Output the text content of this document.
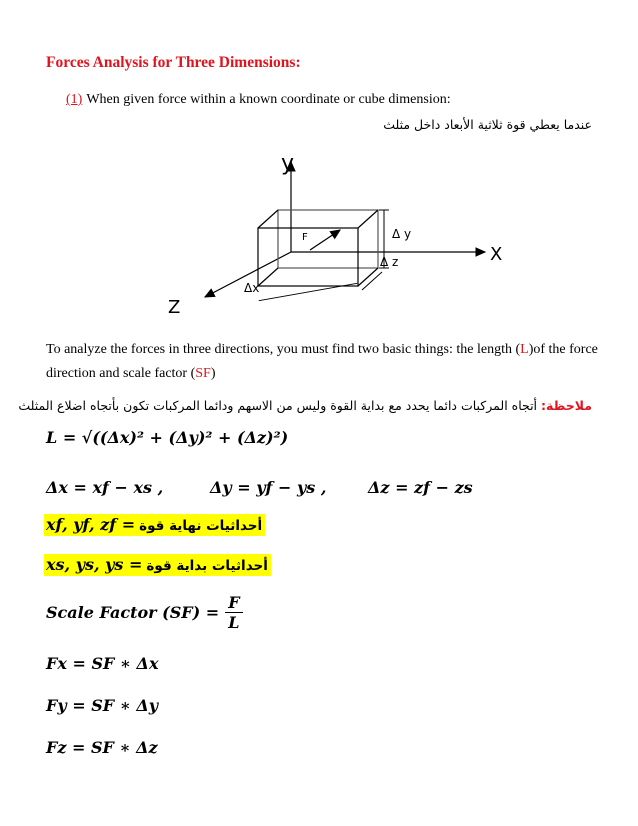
Forces Analysis for Three Dimensions:
(1) When given force within a known coordinate or cube dimension:
عندما يعطي قوة ثلاثية الأبعاد داخل مثلث
y
X
Z
F	Δ y
Δ z
Δx
To analyze the forces in three directions, you must find two basic things: the length (L)of the force direction and scale factor (SF)
ملاحظة: أتجاه المركبات دائما يحدد مع بداية القوة وليس من الاسهم ودائما المركبات تكون بأتجاه اضلاع المثلث
L = √((Δx)² + (Δy)² + (Δz)²)
Δx = xf − xs ,	Δy = yf − ys ,	Δz = zf − zs
xf, yf, zf = أحداثيات نهاية قوة
xs, ys, ys = أحداثيات بداية قوة
Scale Factor $(SF) = \frac{F}{L}$
Fx = SF ∗ Δx
Fy = SF ∗ Δy
Fz = SF ∗ Δz
